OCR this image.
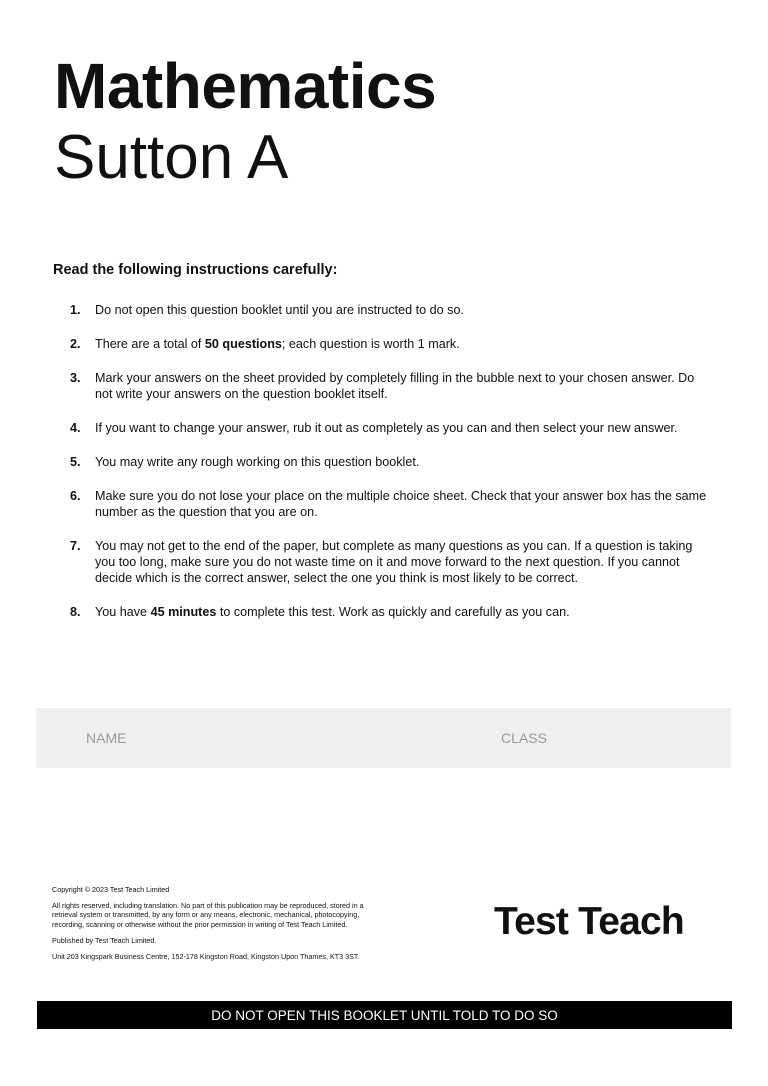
Mathematics
Sutton A

Read the following instructions carefully:

1. Do not open this question booklet until you are instructed to do so.
2. There are a total of 50 questions; each question is worth 1 mark.
3. Mark your answers on the sheet provided by completely filling in the bubble next to your chosen answer. Do not write your answers on the question booklet itself.
4. If you want to change your answer, rub it out as completely as you can and then select your new answer.
5. You may write any rough working on this question booklet.
6. Make sure you do not lose your place on the multiple choice sheet. Check that your answer box has the same number as the question that you are on.
7. You may not get to the end of the paper, but complete as many questions as you can. If a question is taking you too long, make sure you do not waste time on it and move forward to the next question. If you cannot decide which is the correct answer, select the one you think is most likely to be correct.
8. You have 45 minutes to complete this test. Work as quickly and carefully as you can.
NAME	CLASS

Copyright © 2023 Test Teach Limited

All rights reserved, including translation. No part of this publication may be reproduced, stored in a retrieval system or transmitted, by any form or any means, electronic, mechanical, photocopying, recording, scanning or otherwise without the prior permission in writing of Test Teach Limited.

Published by Test Teach Limited.

Unit 203 Kingspark Business Centre, 152-178 Kingston Road, Kingston Upon Thames, KT3 3ST.

Test Teach
DO NOT OPEN THIS BOOKLET UNTIL TOLD TO DO SO
